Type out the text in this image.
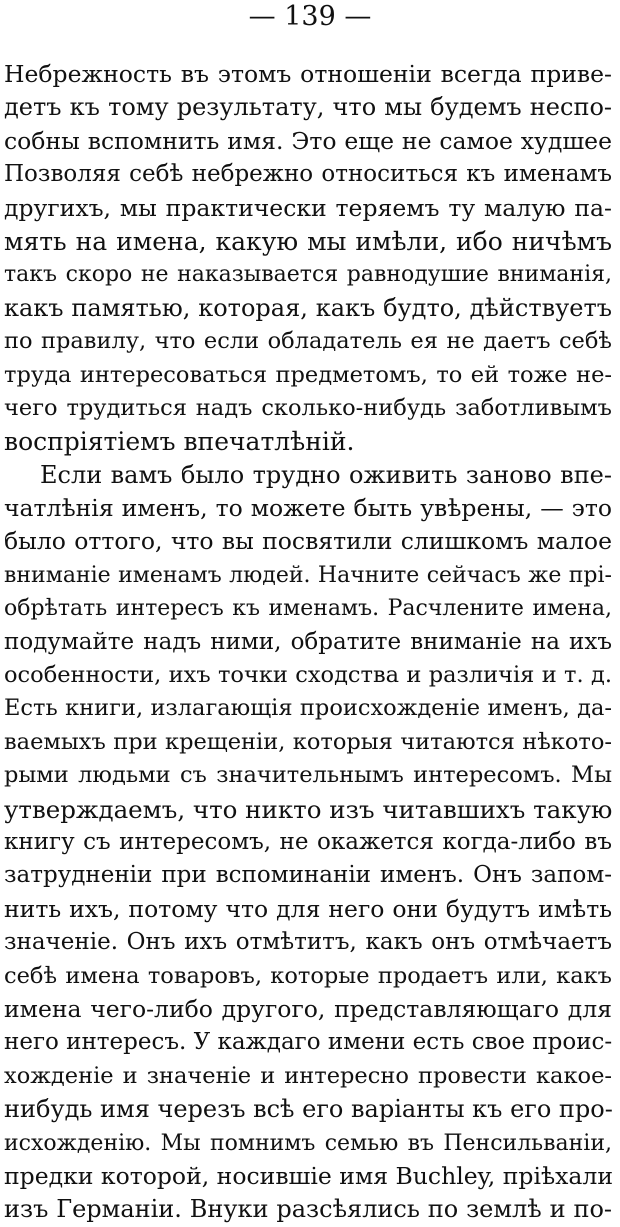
— 139 —
Небрежность въ этомъ отношенiи всегда приве-
детъ къ тому результату, что мы будемъ неспо-
собны вспомнить имя. Это еще не самое худшее
Позволяя себѣ небрежно относиться къ именамъ
другихъ, мы практически теряемъ ту малую па-
мять на имена, какую мы имѣли, ибо ничѣмъ
такъ скоро не наказывается равнодушие вниманiя,
какъ памятью, которая, какъ будто, дѣйствуетъ
по правилу, что если обладатель ея не даетъ себѣ
труда интересоваться предметомъ, то ей тоже не-
чего трудиться надъ сколько-нибудь заботливымъ
воспрiятiемъ впечатлѣнiй.
Если вамъ было трудно оживить заново впе-
чатлѣнiя именъ, то можете быть увѣрены, — это
было оттого, что вы посвятили слишкомъ малое
вниманiе именамъ людей. Начните сейчасъ же прi-
обрѣтать интересъ къ именамъ. Расчлените имена,
подумайте надъ ними, обратите вниманiе на ихъ
особенности, ихъ точки сходства и различiя и т. д.
Есть книги, излагающiя происхожденiе именъ, да-
ваемыхъ при крещенiи, которыя читаются нѣкото-
рыми людьми съ значительнымъ интересомъ. Мы
утверждаемъ, что никто изъ читавшихъ такую
книгу съ интересомъ, не окажется когда-либо въ
затрудненiи при вспоминанiи именъ. Онъ запом-
нить ихъ, потому что для него они будутъ имѣть
значенiе. Онъ ихъ отмѣтитъ, какъ онъ отмѣчаетъ
себѣ имена товаровъ, которые продаетъ или, какъ
имена чего-либо другого, представляющаго для
него интересъ. У каждаго имени есть свое проис-
хожденiе и значенiе и интересно провести какое-
нибудь имя черезъ всѣ его варiанты къ его про-
исхожденiю. Мы помнимъ семью въ Пенсильванiи,
предки которой, носившiе имя Buchley, прiѣхали
изъ Германiи. Внуки разсѣялись по землѣ и по-
